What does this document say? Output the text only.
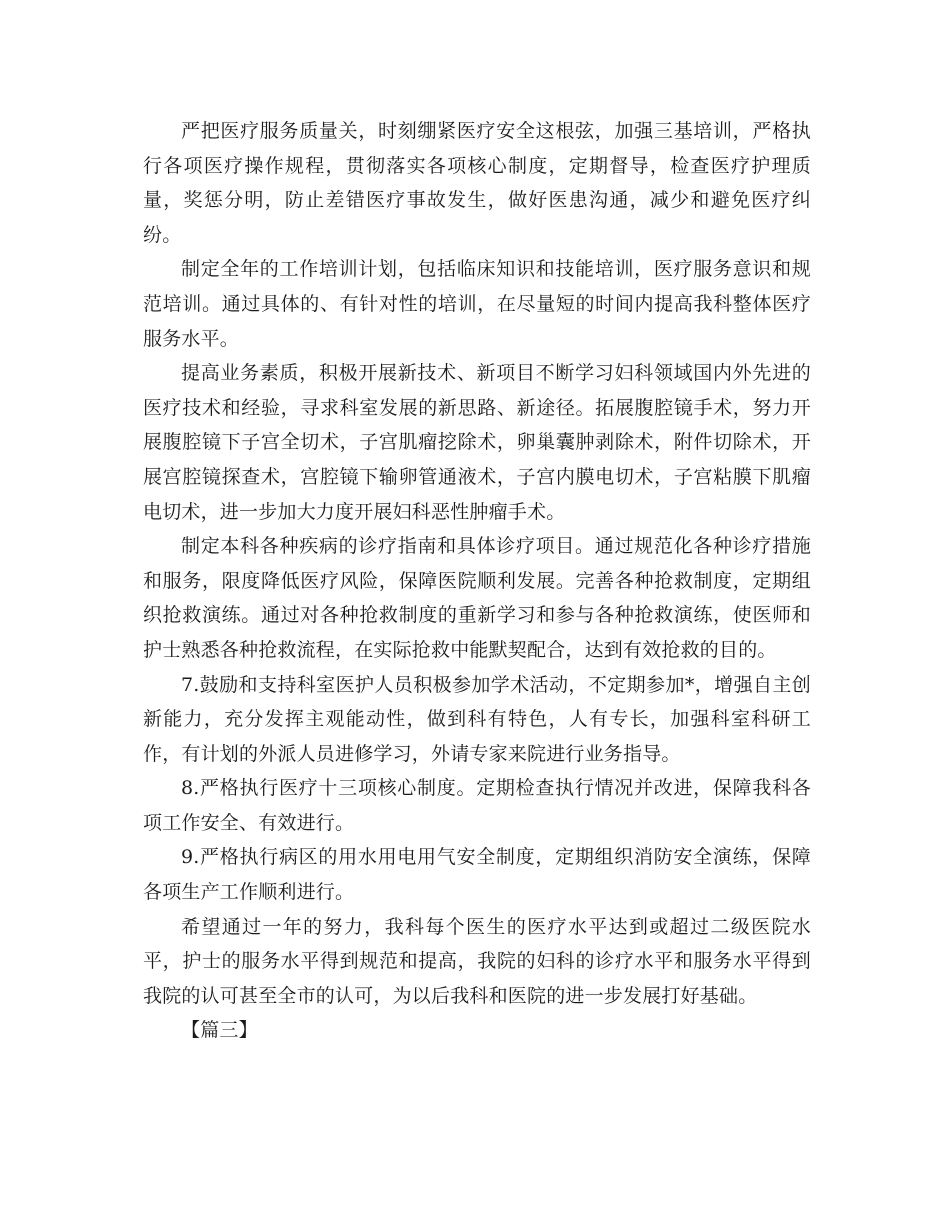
严把医疗服务质量关，时刻绷紧医疗安全这根弦，加强三基培训，严格执行各项医疗操作规程，贯彻落实各项核心制度，定期督导，检查医疗护理质量，奖惩分明，防止差错医疗事故发生，做好医患沟通，减少和避免医疗纠纷。

制定全年的工作培训计划，包括临床知识和技能培训，医疗服务意识和规范培训。通过具体的、有针对性的培训，在尽量短的时间内提高我科整体医疗服务水平。

提高业务素质，积极开展新技术、新项目不断学习妇科领域国内外先进的医疗技术和经验，寻求科室发展的新思路、新途径。拓展腹腔镜手术，努力开展腹腔镜下子宫全切术，子宫肌瘤挖除术，卵巢囊肿剥除术，附件切除术，开展宫腔镜探查术，宫腔镜下输卵管通液术，子宫内膜电切术，子宫粘膜下肌瘤电切术，进一步加大力度开展妇科恶性肿瘤手术。

制定本科各种疾病的诊疗指南和具体诊疗项目。通过规范化各种诊疗措施和服务，限度降低医疗风险，保障医院顺利发展。完善各种抢救制度，定期组织抢救演练。通过对各种抢救制度的重新学习和参与各种抢救演练，使医师和护士熟悉各种抢救流程，在实际抢救中能默契配合，达到有效抢救的目的。

7.鼓励和支持科室医护人员积极参加学术活动，不定期参加*，增强自主创新能力，充分发挥主观能动性，做到科有特色，人有专长，加强科室科研工作，有计划的外派人员进修学习，外请专家来院进行业务指导。

8.严格执行医疗十三项核心制度。定期检查执行情况并改进，保障我科各项工作安全、有效进行。

9.严格执行病区的用水用电用气安全制度，定期组织消防安全演练，保障各项生产工作顺利进行。

希望通过一年的努力，我科每个医生的医疗水平达到或超过二级医院水平，护士的服务水平得到规范和提高，我院的妇科的诊疗水平和服务水平得到我院的认可甚至全市的认可，为以后我科和医院的进一步发展打好基础。

【篇三】
